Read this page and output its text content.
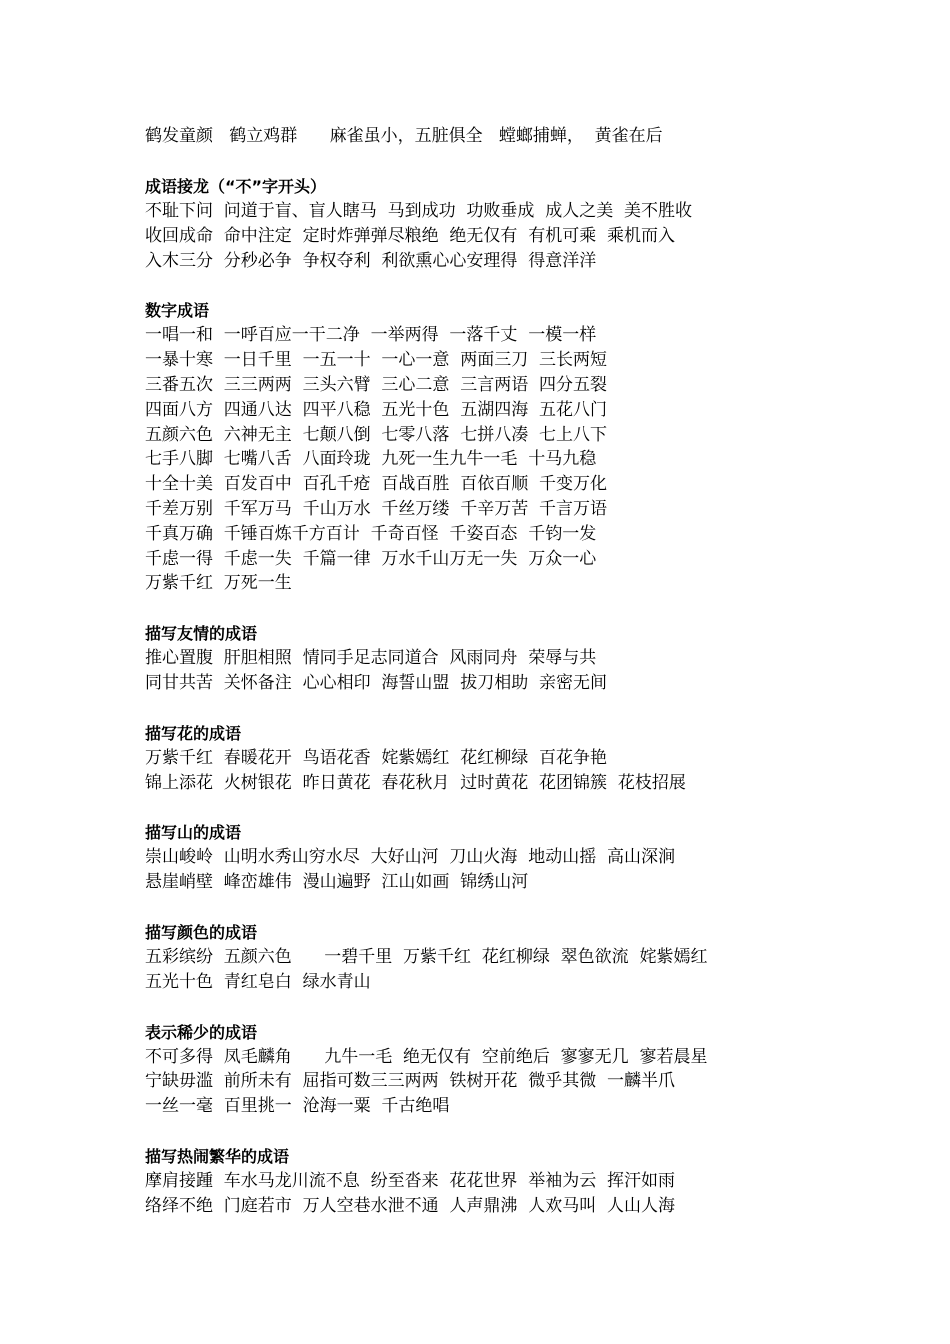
鹤发童颜   鹤立鸡群      麻雀虽小，五脏俱全   螳螂捕蝉，  黄雀在后
成语接龙（“不”字开头）
不耻下问  问道于盲、盲人瞎马  马到成功  功败垂成  成人之美  美不胜收
收回成命  命中注定  定时炸弹弹尽粮绝  绝无仅有  有机可乘  乘机而入
入木三分  分秒必争  争权夺利  利欲熏心心安理得  得意洋洋
数字成语
一唱一和  一呼百应一干二净  一举两得  一落千丈  一模一样
一暴十寒  一日千里  一五一十  一心一意  两面三刀  三长两短
三番五次  三三两两  三头六臂  三心二意  三言两语  四分五裂
四面八方  四通八达  四平八稳  五光十色  五湖四海  五花八门
五颜六色  六神无主  七颠八倒  七零八落  七拼八凑  七上八下
七手八脚  七嘴八舌  八面玲珑  九死一生九牛一毛  十马九稳
十全十美  百发百中  百孔千疮  百战百胜  百依百顺  千变万化
千差万别  千军万马  千山万水  千丝万缕  千辛万苦  千言万语
千真万确  千锤百炼千方百计  千奇百怪  千姿百态  千钧一发
千虑一得  千虑一失  千篇一律  万水千山万无一失  万众一心
万紫千红  万死一生
描写友情的成语
推心置腹  肝胆相照  情同手足志同道合  风雨同舟  荣辱与共
同甘共苦  关怀备注  心心相印  海誓山盟  拔刀相助  亲密无间
描写花的成语
万紫千红  春暖花开  鸟语花香  姹紫嫣红  花红柳绿  百花争艳
锦上添花  火树银花  昨日黄花  春花秋月  过时黄花  花团锦簇  花枝招展
描写山的成语
崇山峻岭  山明水秀山穷水尽  大好山河  刀山火海  地动山摇  高山深涧
悬崖峭壁  峰峦雄伟  漫山遍野  江山如画  锦绣山河
描写颜色的成语
五彩缤纷  五颜六色      一碧千里  万紫千红  花红柳绿  翠色欲流  姹紫嫣红
五光十色  青红皂白  绿水青山
表示稀少的成语
不可多得  凤毛麟角      九牛一毛  绝无仅有  空前绝后  寥寥无几  寥若晨星
宁缺毋滥  前所未有  屈指可数三三两两  铁树开花  微乎其微  一麟半爪
一丝一毫  百里挑一  沧海一粟  千古绝唱
描写热闹繁华的成语
摩肩接踵  车水马龙川流不息  纷至沓来  花花世界  举袖为云  挥汗如雨
络绎不绝  门庭若市  万人空巷水泄不通  人声鼎沸  人欢马叫  人山人海
